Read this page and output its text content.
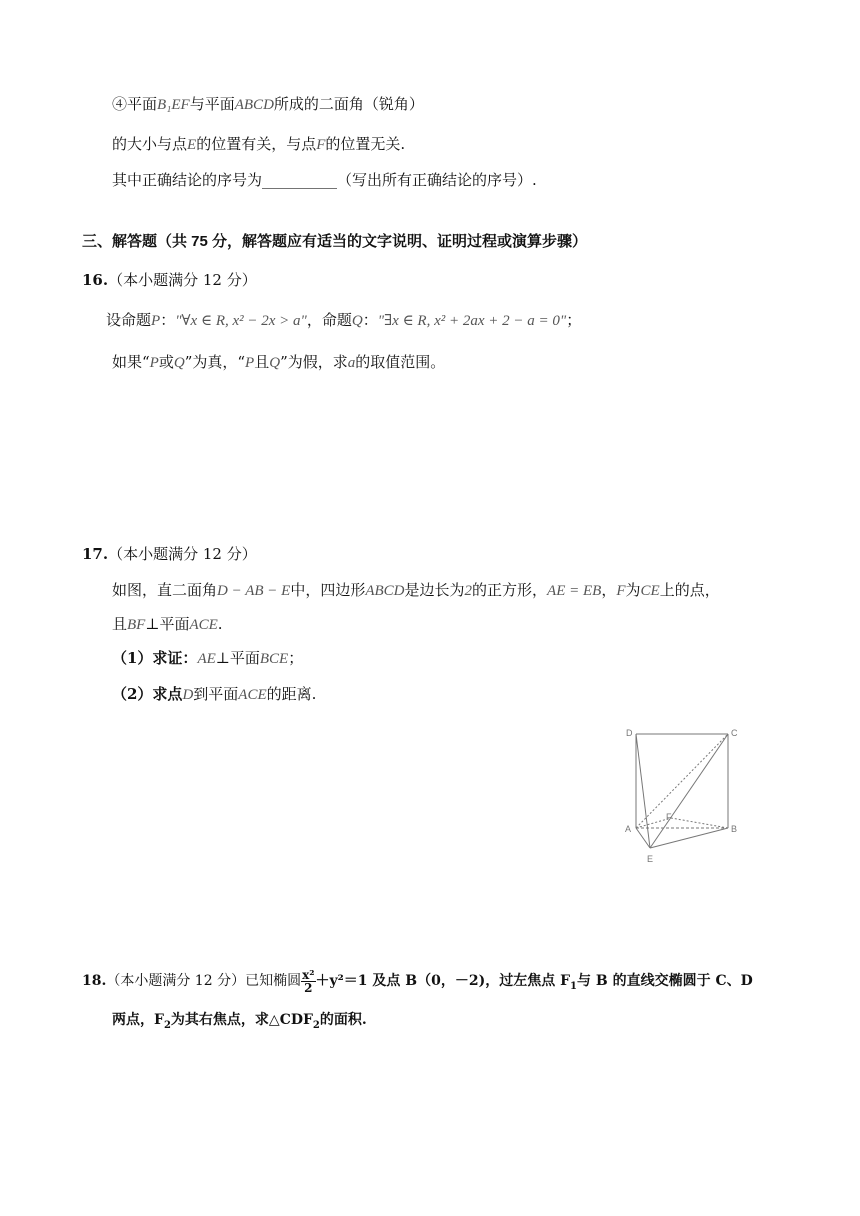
④平面B₁EF与平面ABCD所成的二面角（锐角）
的大小与点E的位置有关，与点F的位置无关.
其中正确结论的序号为__________（写出所有正确结论的序号）.
三、解答题（共 75 分，解答题应有适当的文字说明、证明过程或演算步骤）
16.（本小题满分 12 分）
设命题P："∀x ∈ R, x² − 2x > a"，命题Q："∃x ∈ R, x² + 2ax + 2 − a = 0"；
如果“P或Q”为真，“P且Q”为假，求a的取值范围。
17.（本小题满分 12 分）
如图，直二面角D − AB − E中，四边形ABCD是边长为2的正方形，AE = EB，F为CE上的点，
且BF⊥平面ACE.
（1）求证：AE⊥平面BCE；
（2）求点D到平面ACE的距离.
D	C
A	B
E
F
18.（本小题满分 12 分）已知椭圆 $\frac{\text{x²}}{2} +y^2=1$ 及点 B（0，－2)，过左焦点 $F_1$与 B 的直线交椭圆于 C、D
两点，$F_2$为其右焦点，求$\triangle CDF_2$的面积.
